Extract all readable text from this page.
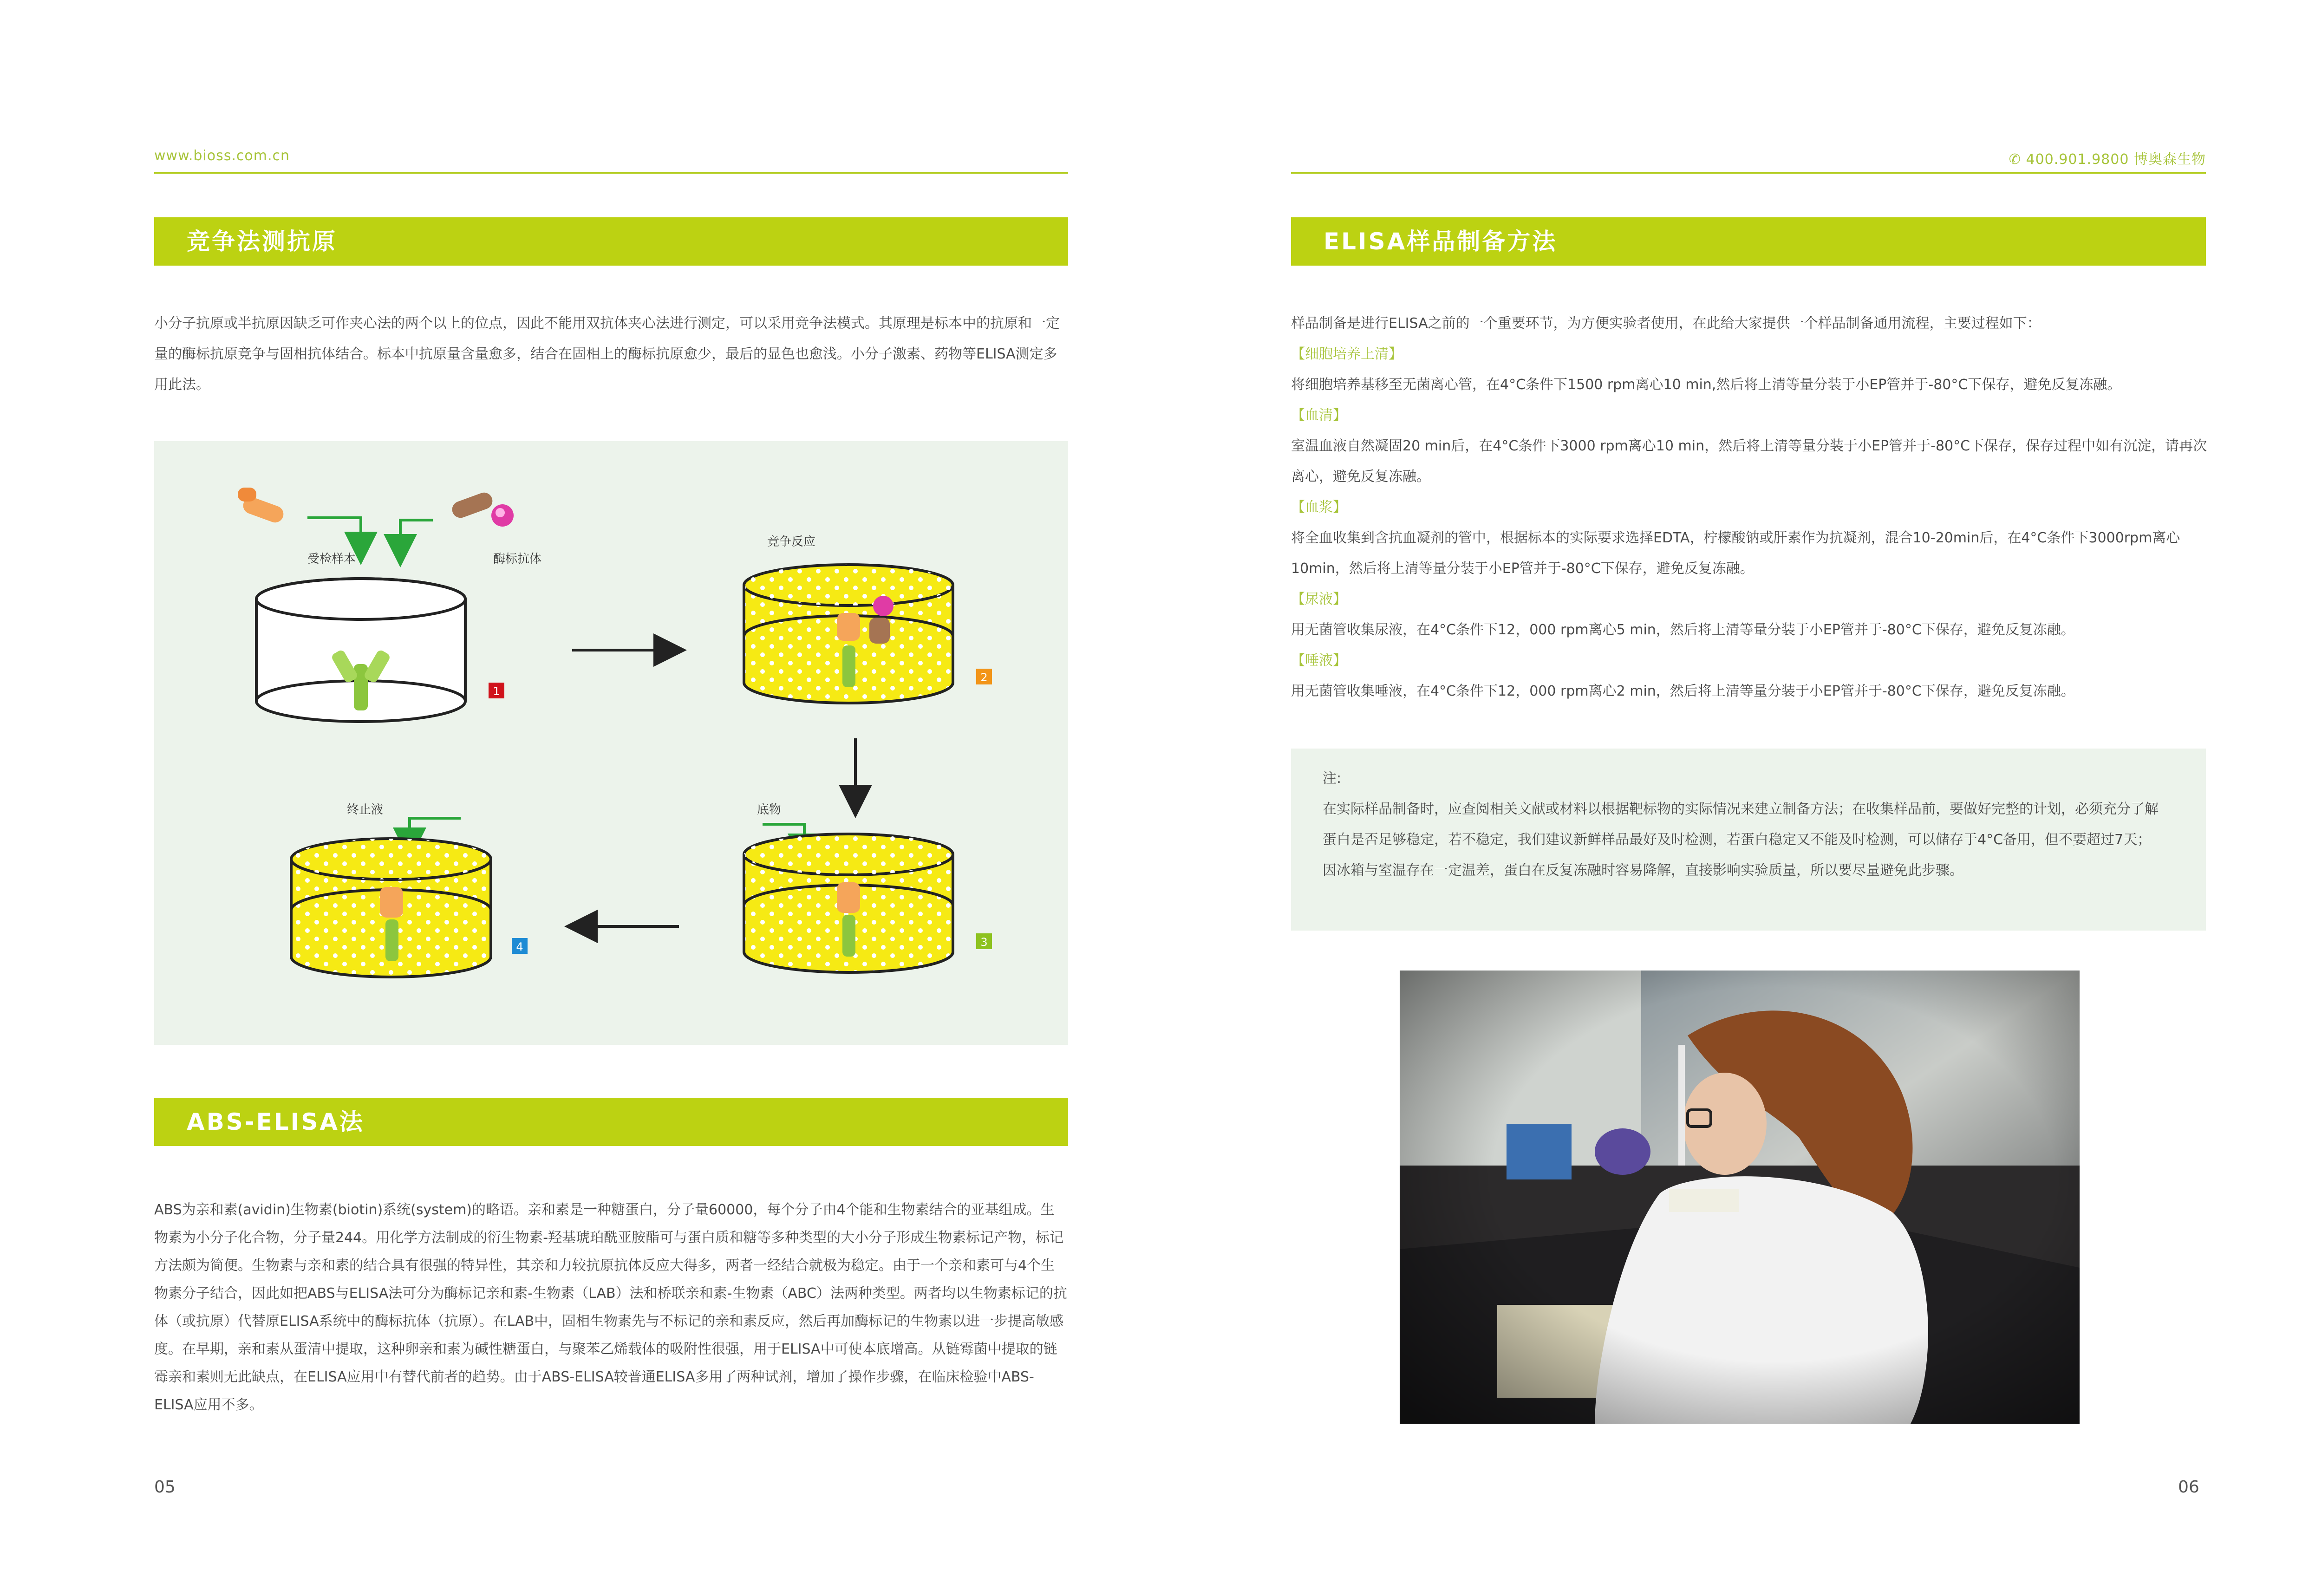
www.bioss.com.cn	✆ 400.901.9800 博奥森生物
竞争法测抗原

小分子抗原或半抗原因缺乏可作夹心法的两个以上的位点，因此不能用双抗体夹心法进行测定，可以采用竞争法模式。其原理是标本中的抗原和一定量的酶标抗原竞争与固相抗体结合。标本中抗原量含量愈多，结合在固相上的酶标抗原愈少，最后的显色也愈浅。小分子激素、药物等ELISA测定多用此法。

受检样本	酶标抗体
1
竞争反应
2
底物
3
终止液
4
ABS-ELISA法

ABS为亲和素(avidin)生物素(biotin)系统(system)的略语。亲和素是一种糖蛋白，分子量60000，每个分子由4个能和生物素结合的亚基组成。生物素为小分子化合物，分子量244。用化学方法制成的衍生物素-羟基琥珀酰亚胺酯可与蛋白质和糖等多种类型的大小分子形成生物素标记产物，标记方法颇为简便。生物素与亲和素的结合具有很强的特异性，其亲和力较抗原抗体反应大得多，两者一经结合就极为稳定。由于一个亲和素可与4个生物素分子结合，因此如把ABS与ELISA法可分为酶标记亲和素-生物素（LAB）法和桥联亲和素-生物素（ABC）法两种类型。两者均以生物素标记的抗体（或抗原）代替原ELISA系统中的酶标抗体（抗原）。在LAB中，固相生物素先与不标记的亲和素反应，然后再加酶标记的生物素以进一步提高敏感度。在早期，亲和素从蛋清中提取，这种卵亲和素为碱性糖蛋白，与聚苯乙烯载体的吸附性很强，用于ELISA中可使本底增高。从链霉菌中提取的链霉亲和素则无此缺点，在ELISA应用中有替代前者的趋势。由于ABS-ELISA较普通ELISA多用了两种试剂，增加了操作步骤，在临床检验中ABS-ELISA应用不多。

05
ELISA样品制备方法

样品制备是进行ELISA之前的一个重要环节，为方便实验者使用，在此给大家提供一个样品制备通用流程，主要过程如下：

【细胞培养上清】

将细胞培养基移至无菌离心管，在4°C条件下1500 rpm离心10 min,然后将上清等量分装于小EP管并于-80°C下保存，避免反复冻融。

【血清】

室温血液自然凝固20 min后，在4°C条件下3000 rpm离心10 min，然后将上清等量分装于小EP管并于-80°C下保存，保存过程中如有沉淀，请再次离心，避免反复冻融。

【血浆】

将全血收集到含抗血凝剂的管中，根据标本的实际要求选择EDTA，柠檬酸钠或肝素作为抗凝剂，混合10-20min后，在4°C条件下3000rpm离心10min，然后将上清等量分装于小EP管并于-80°C下保存，避免反复冻融。

【尿液】

用无菌管收集尿液，在4°C条件下12，000 rpm离心5 min，然后将上清等量分装于小EP管并于-80°C下保存，避免反复冻融。

【唾液】

用无菌管收集唾液，在4°C条件下12，000 rpm离心2 min，然后将上清等量分装于小EP管并于-80°C下保存，避免反复冻融。

注:
在实际样品制备时，应查阅相关文献或材料以根据靶标物的实际情况来建立制备方法；在收集样品前，要做好完整的计划，必须充分了解蛋白是否足够稳定，若不稳定，我们建议新鲜样品最好及时检测，若蛋白稳定又不能及时检测，可以储存于4°C备用，但不要超过7天；因冰箱与室温存在一定温差，蛋白在反复冻融时容易降解，直接影响实验质量，所以要尽量避免此步骤。
06
